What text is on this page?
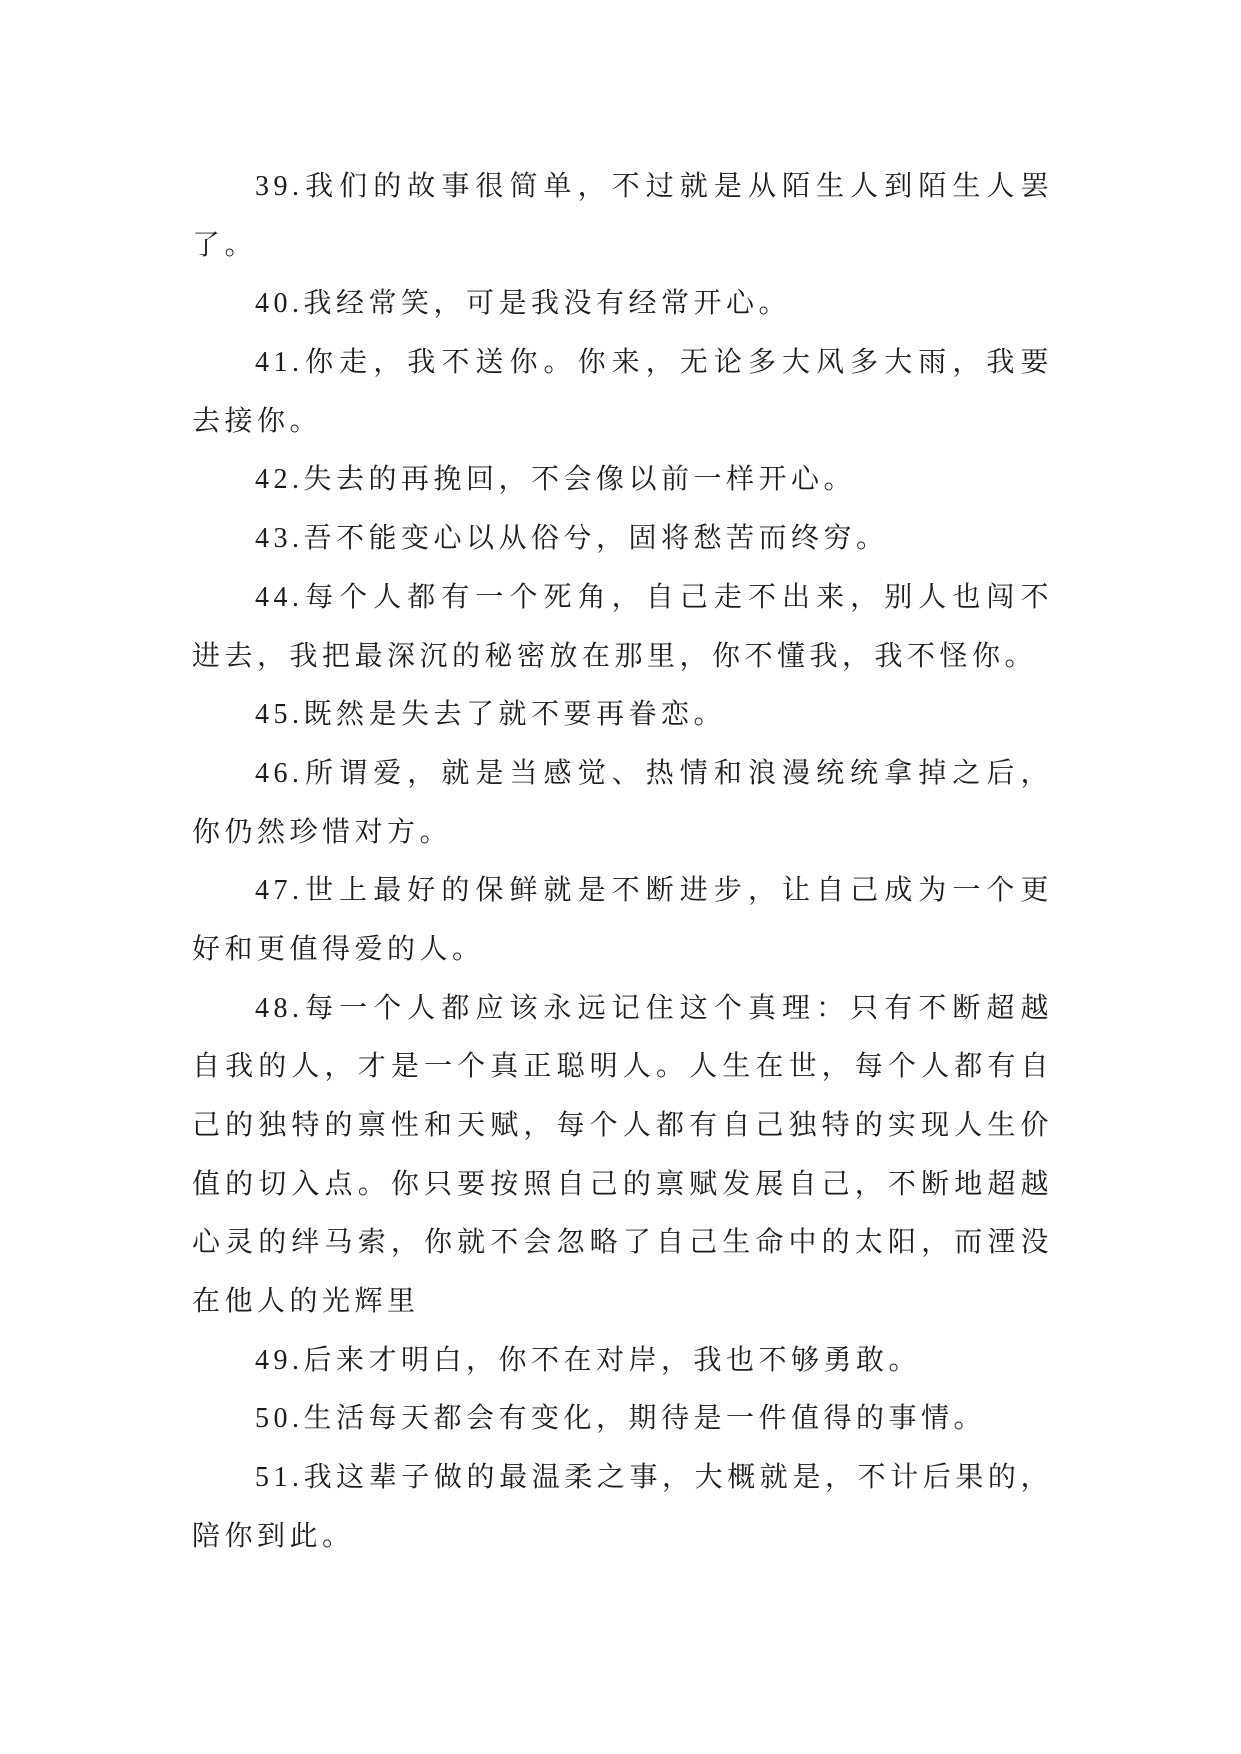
39.我们的故事很简单，不过就是从陌生人到陌生人罢
了。
40.我经常笑，可是我没有经常开心。
41.你走，我不送你。你来，无论多大风多大雨，我要
去接你。
42.失去的再挽回，不会像以前一样开心。
43.吾不能变心以从俗兮，固将愁苦而终穷。
44.每个人都有一个死角，自己走不出来，别人也闯不
进去，我把最深沉的秘密放在那里，你不懂我，我不怪你。
45.既然是失去了就不要再眷恋。
46.所谓爱，就是当感觉、热情和浪漫统统拿掉之后，
你仍然珍惜对方。
47.世上最好的保鲜就是不断进步，让自己成为一个更
好和更值得爱的人。
48.每一个人都应该永远记住这个真理：只有不断超越
自我的人，才是一个真正聪明人。人生在世，每个人都有自
己的独特的禀性和天赋，每个人都有自己独特的实现人生价
值的切入点。你只要按照自己的禀赋发展自己，不断地超越
心灵的绊马索，你就不会忽略了自己生命中的太阳，而湮没
在他人的光辉里
49.后来才明白，你不在对岸，我也不够勇敢。
50.生活每天都会有变化，期待是一件值得的事情。
51.我这辈子做的最温柔之事，大概就是，不计后果的，
陪你到此。
